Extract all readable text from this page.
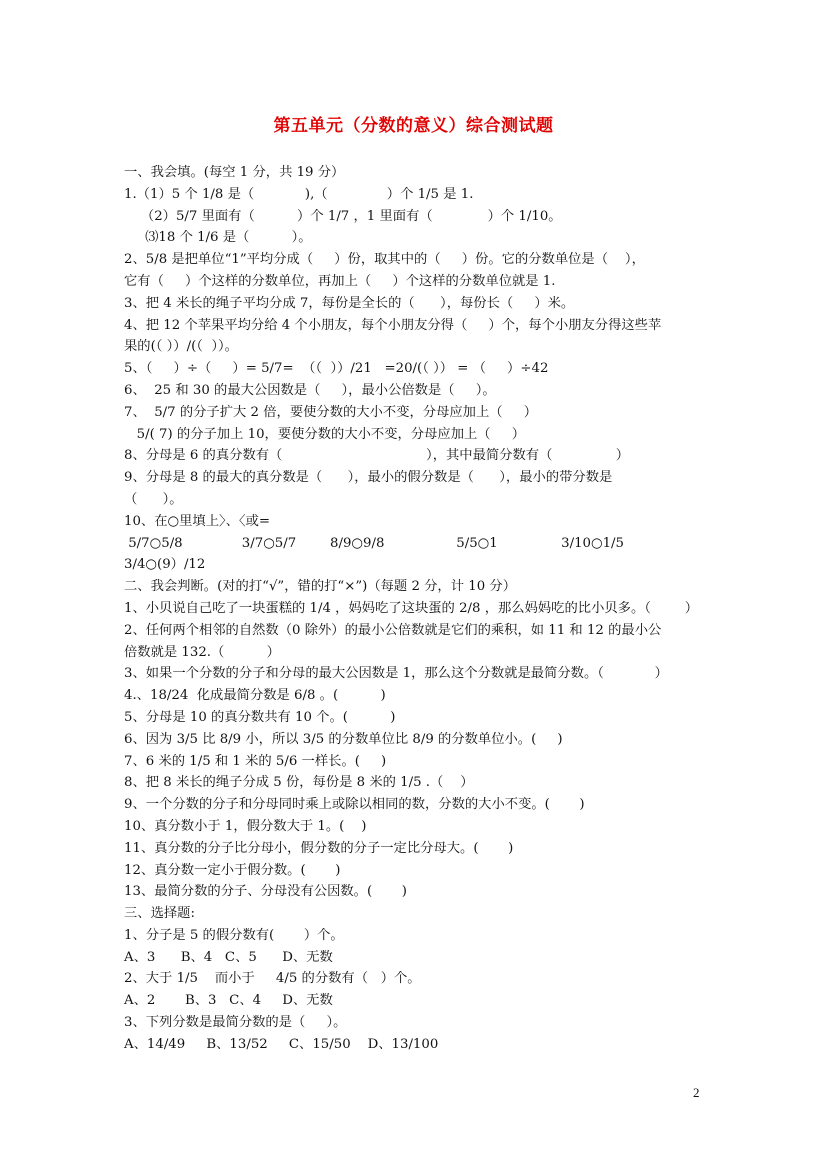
第五单元（分数的意义）综合测试题
一、我会填。(每空 1 分，共 19 分）
1.（1）5 个 1/8 是（            ),（              ）个 1/5 是 1.
（2）5/7 里面有（          ）个 1/7 ，1 里面有（             ）个 1/10。
⑶18 个 1/6 是（          ）。
2、5/8 是把单位“1”平均分成（     ）份，取其中的（     ）份。它的分数单位是（    ），
它有（     ）个这样的分数单位，再加上（     ）个这样的分数单位就是 1.
3、把 4 米长的绳子平均分成 7，每份是全长的（      ），每份长（     ）米。
4、把 12 个苹果平均分给 4 个小朋友，每个小朋友分得（     ）个，每个小朋友分得这些苹
果的(（ ））/(（  ））。
5、（     ）÷（     ）= 5/7=  （（  ））/21   =20/(（ ）） = （     ）÷42
6、  25 和 30 的最大公因数是（     ），最小公倍数是（     ）。
7、  5/7 的分子扩大 2 倍，要使分数的大小不变，分母应加上（     ）
5/( 7) 的分子加上 10，要使分数的大小不变，分母应加上（     ）
8、分母是 6 的真分数有（                                  ），其中最简分数有（               ）
9、分母是 8 的最大的真分数是（      ），最小的假分数是（      ），最小的带分数是
（      ）。
10、在○里填上〉、〈或=
5/7○5/8              3/7○5/7        8/9○9/8                 5/5○1               3/10○1/5
3/4○(9）/12
二、我会判断。(对的打“√”，错的打“×”)（每题 2 分，计 10 分）
1、小贝说自己吃了一块蛋糕的 1/4 ，妈妈吃了这块蛋的 2/8 ，那么妈妈吃的比小贝多。（        ）
2、任何两个相邻的自然数（0 除外）的最小公倍数就是它们的乘积，如 11 和 12 的最小公
倍数就是 132.（          ）
3、如果一个分数的分子和分母的最大公因数是 1，那么这个分数就是最简分数。（            ）
4.、18/24  化成最简分数是 6/8 。(          )
5、分母是 10 的真分数共有 10 个。(          )
6、因为 3/5 比 8/9 小，所以 3/5 的分数单位比 8/9 的分数单位小。(     )
7、6 米的 1/5 和 1 米的 5/6 一样长。(     )
8、把 8 米长的绳子分成 5 份，每份是 8 米的 1/5 .（    ）
9、一个分数的分子和分母同时乘上或除以相同的数，分数的大小不变。(       )
10、真分数小于 1，假分数大于 1。(    )
11、真分数的分子比分母小，假分数的分子一定比分母大。(       )
12、真分数一定小于假分数。(       )
13、最简分数的分子、分母没有公因数。(       )
三、选择题:
1、分子是 5 的假分数有(       ）个。
A、3      B、4   C、5      D、无数
2、大于 1/5    而小于     4/5 的分数有（   ）个。
A、2       B、3   C、4     D、无数
3、下列分数是最简分数的是（     ）。
A、14/49     B、13/52     C、15/50    D、13/100
2
